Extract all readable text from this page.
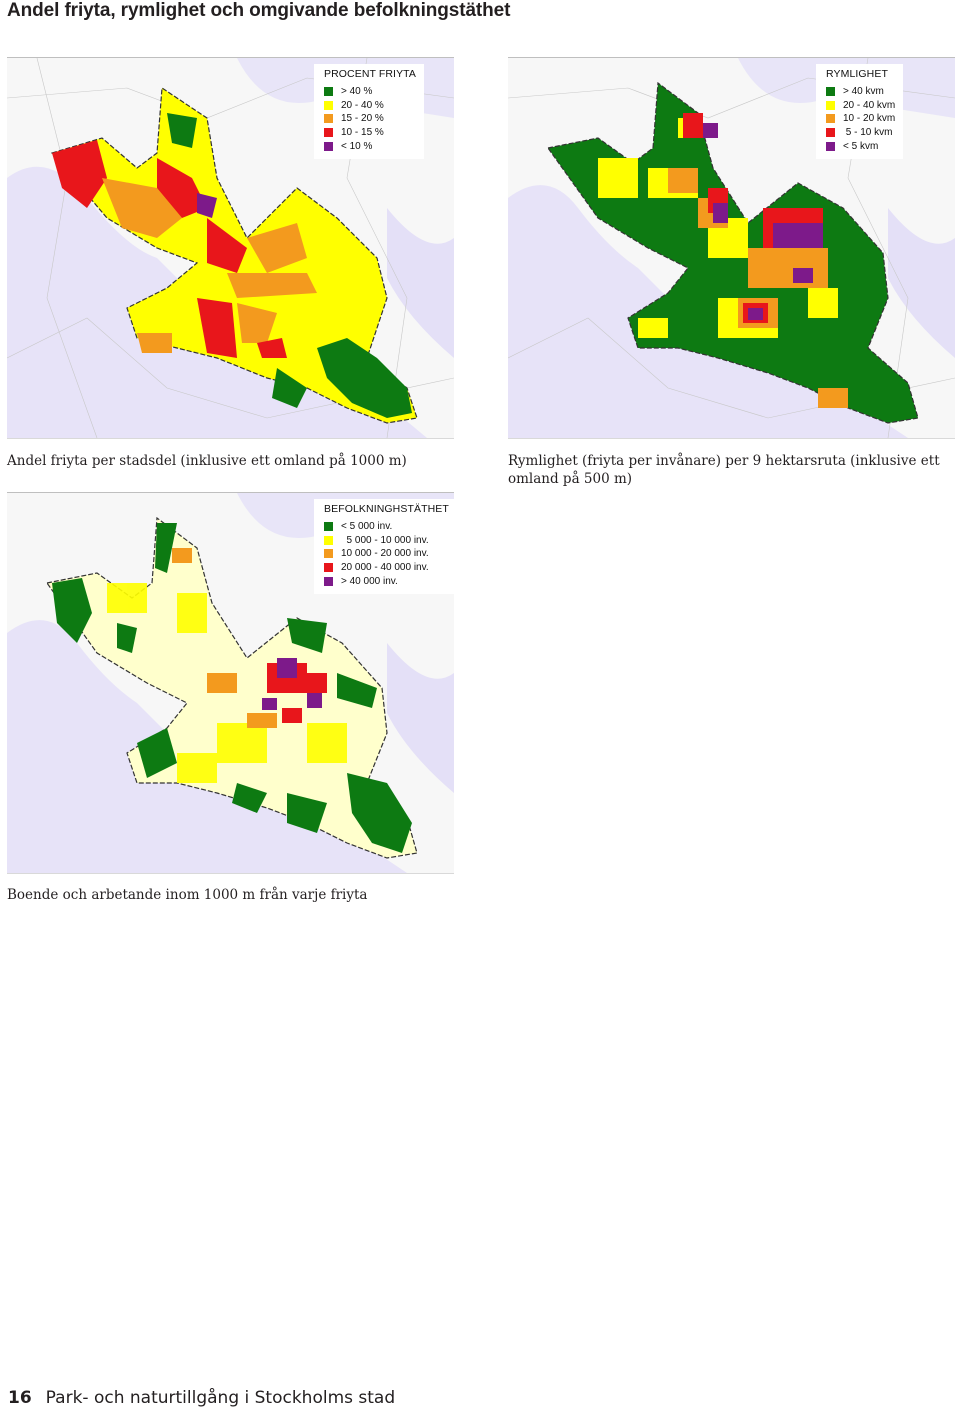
Andel friyta, rymlighet och omgivande befolkningstäthet
PROCENT FRIYTA
> 40 %
20 - 40 %
15 - 20 %
10 - 15 %
< 10 %
RYMLIGHET
> 40 kvm
20 - 40 kvm
10 - 20 kvm
5 - 10 kvm
< 5 kvm
Andel friyta per stadsdel (inklusive ett omland på 1000 m)	Rymlighet (friyta per invånare) per 9 hektarsruta (inklusive ett omland på 500 m)
BEFOLKNINGHSTÄTHET
< 5 000 inv.
5 000 - 10 000 inv.
10 000 - 20 000 inv.
20 000 - 40 000 inv.
> 40 000 inv.
Boende och arbetande inom 1000 m från varje friyta
16 Park- och naturtillgång i Stockholms stad
